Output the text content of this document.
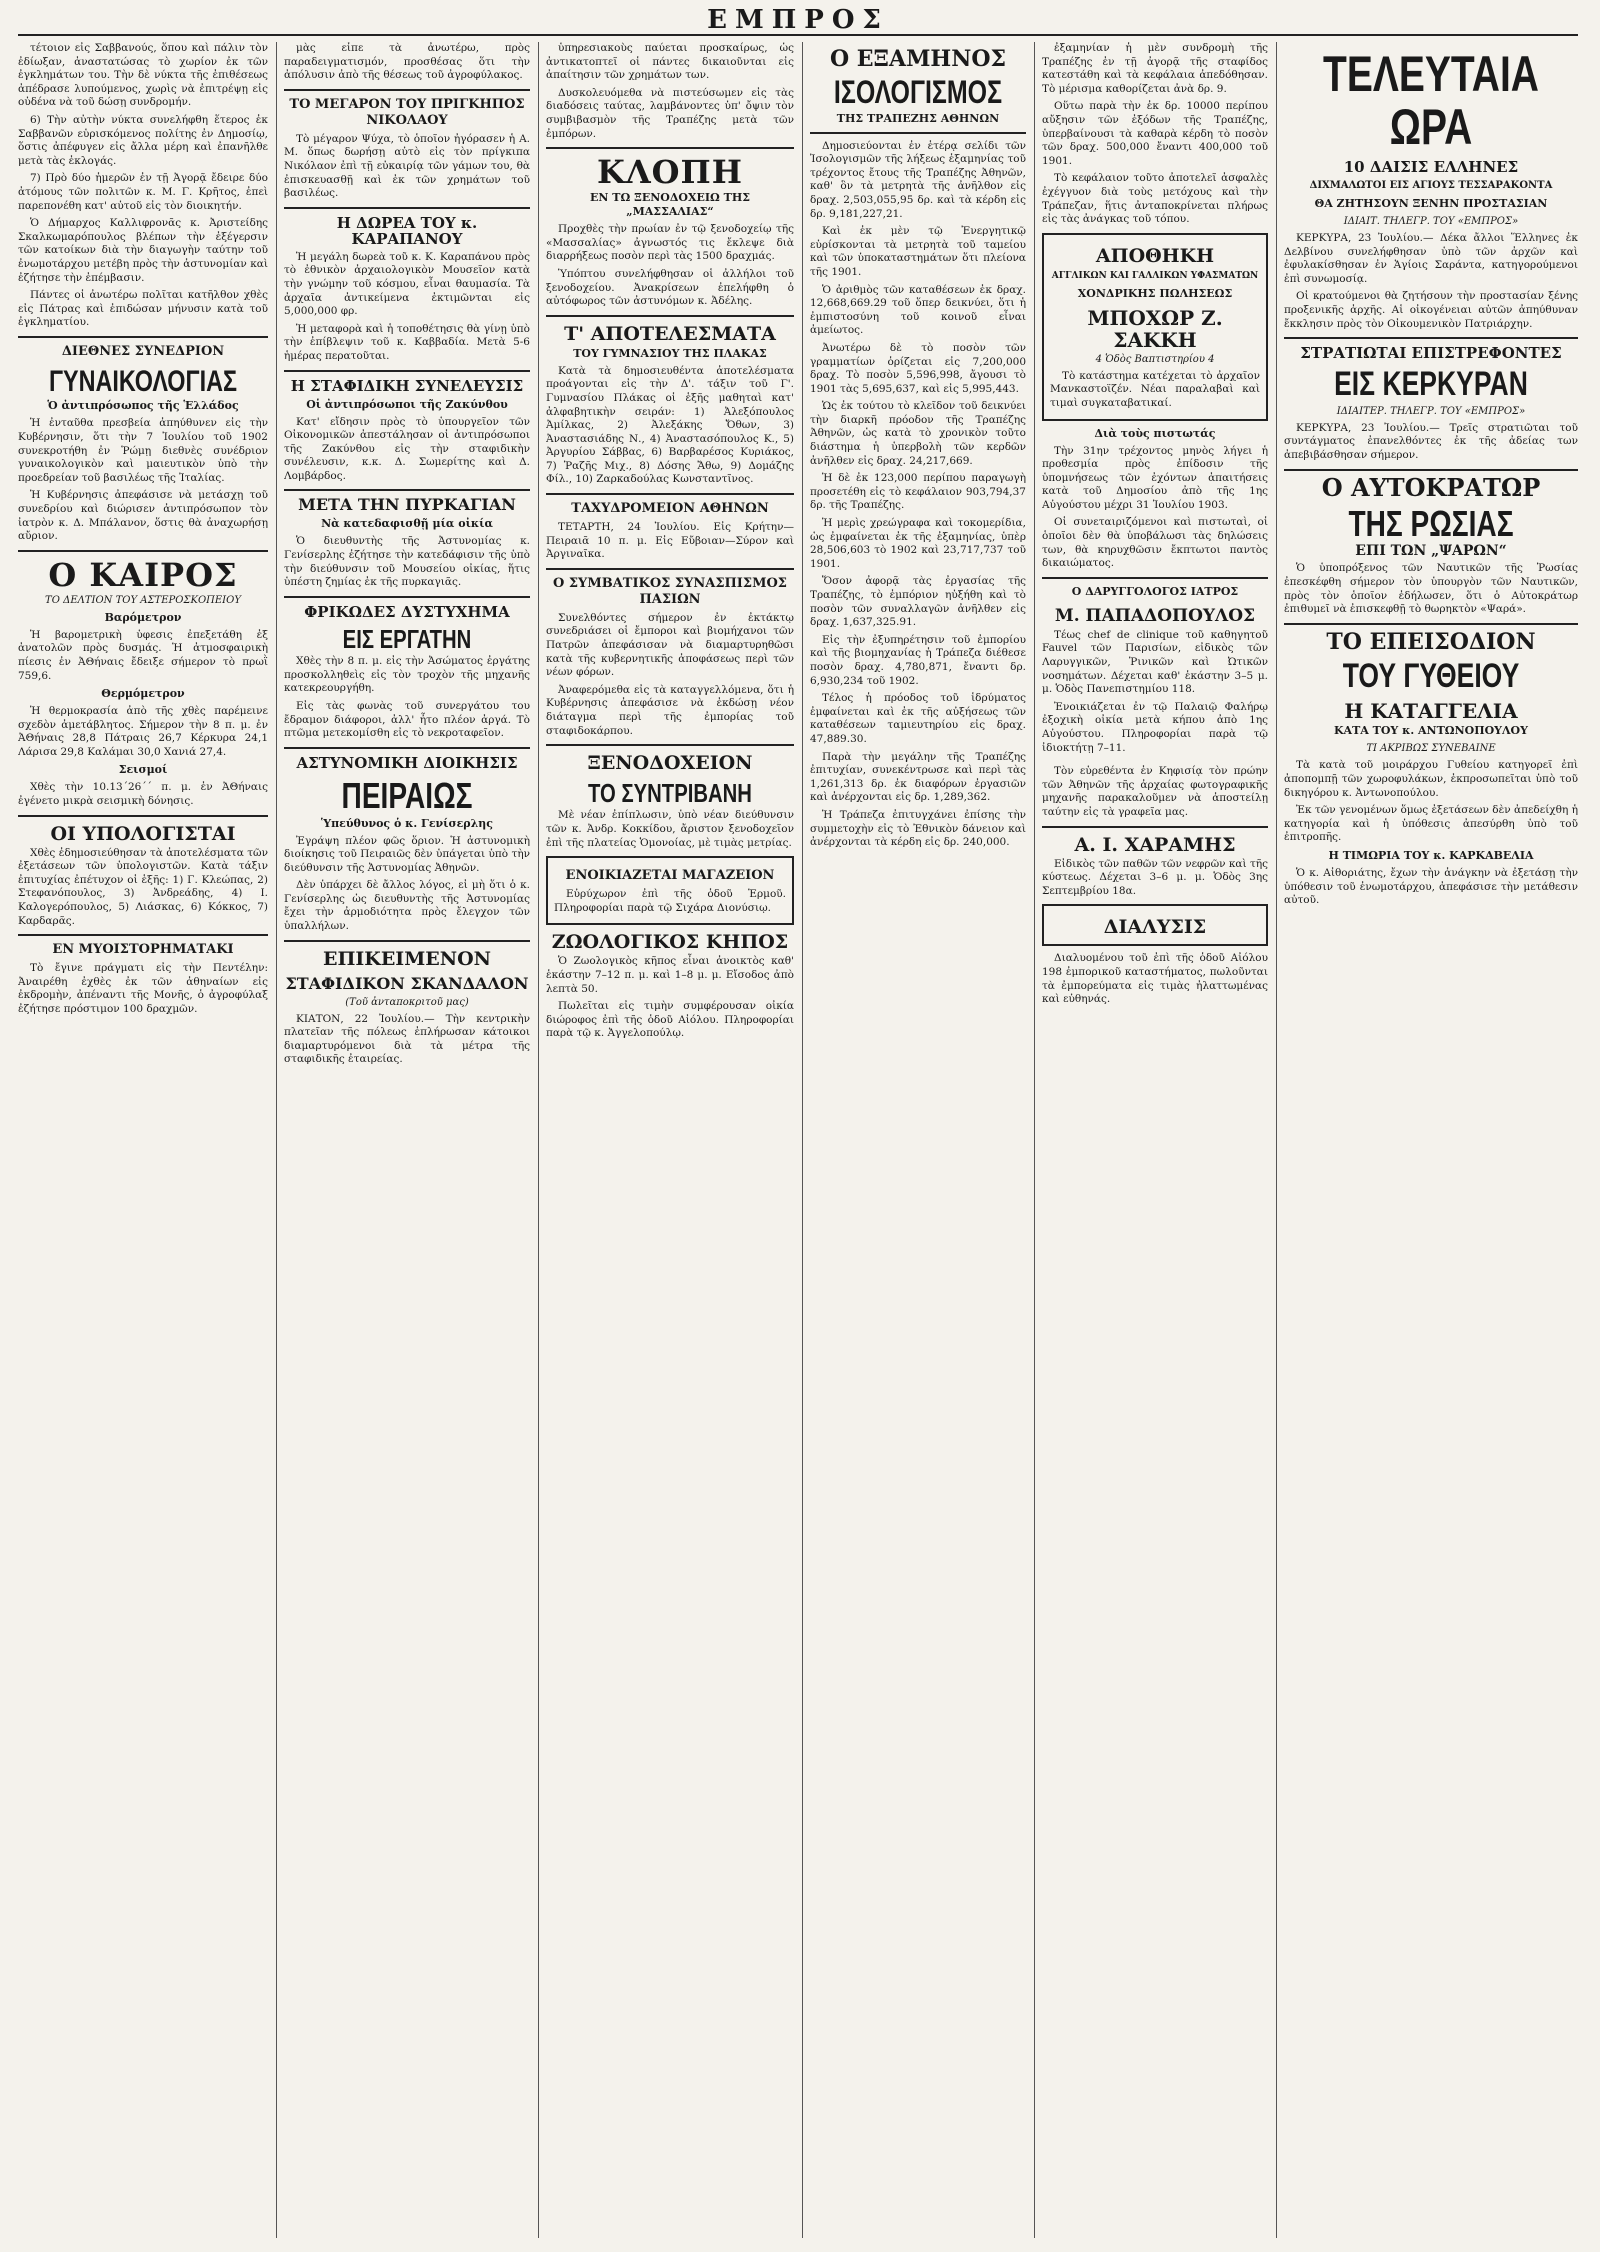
ΕΜΠΡΟΣ

τέτοιον εἰς Σαββανούς, ὅπου καὶ πάλιν τὸν ἐδίωξαν, ἀναστατώσας τὸ χωρίον ἐκ τῶν ἐγκλημάτων του. Τὴν δὲ νύκτα τῆς ἐπιθέσεως ἀπέδρασε λυπούμενος, χωρὶς νὰ ἐπιτρέψῃ εἰς οὐδένα νὰ τοῦ δώσῃ συνδρομήν.

6) Τὴν αὐτὴν νύκτα συνελήφθη ἕτερος ἐκ Σαββανῶν εὑρισκόμενος πολίτης ἐν Δημοσίῳ, ὅστις ἀπέφυγεν εἰς ἄλλα μέρη καὶ ἐπανῆλθε μετὰ τὰς ἐκλογάς.

7) Πρὸ δύο ἡμερῶν ἐν τῇ Ἀγορᾷ ἔδειρε δύο ἀτόμους τῶν πολιτῶν κ. Μ. Γ. Κρῆτος, ἐπεὶ παρεπονέθη κατ' αὐτοῦ εἰς τὸν διοικητήν.

Ὁ Δήμαρχος Καλλιφρονᾶς κ. Ἀριστείδης Σκαλκωμαρόπουλος βλέπων τὴν ἐξέγερσιν τῶν κατοίκων διὰ τὴν διαγωγὴν ταύτην τοῦ ἐνωμοτάρχου μετέβη πρὸς τὴν ἀστυνομίαν καὶ ἐζήτησε τὴν ἐπέμβασιν.

Πάντες οἱ ἀνωτέρω πολῖται κατῆλθον χθὲς εἰς Πάτρας καὶ ἐπιδώσαν μήνυσιν κατὰ τοῦ ἐγκληματίου.

ΔΙΕΘΝΕΣ ΣΥΝΕΔΡΙΟΝ
ΓΥΝΑΙΚΟΛΟΓΙΑΣ
Ὁ ἀντιπρόσωπος τῆς Ἑλλάδος

Ἡ ἐνταῦθα πρεσβεία ἀπηύθυνεν εἰς τὴν Κυβέρνησιν, ὅτι τὴν 7 Ἰουλίου τοῦ 1902 συνεκροτήθη ἐν Ῥώμῃ διεθνὲς συνέδριον γυναικολογικὸν καὶ μαιευτικὸν ὑπὸ τὴν προεδρείαν τοῦ βασιλέως τῆς Ἰταλίας.

Ἡ Κυβέρνησις ἀπεφάσισε νὰ μετάσχῃ τοῦ συνεδρίου καὶ διώρισεν ἀντιπρόσωπον τὸν ἰατρὸν κ. Δ. Μπάλανον, ὅστις θὰ ἀναχωρήσῃ αὔριον.

Ο ΚΑΙΡΟΣ
ΤΟ ΔΕΛΤΙΟΝ ΤΟΥ ΑΣΤΕΡΟΣΚΟΠΕΙΟΥ
Βαρόμετρον

Ἡ βαρομετρικὴ ὑφεσις ἐπεξετάθη ἐξ ἀνατολῶν πρὸς δυσμάς. Ἡ ἀτμοσφαιρικὴ πίεσις ἐν ἈΘήναις ἔδειξε σήμερον τὸ πρωῒ 759,6.

Θερμόμετρον

Ἡ θερμοκρασία ἀπὸ τῆς χθὲς παρέμεινε σχεδὸν ἀμετάβλητος. Σήμερον τὴν 8 π. μ. ἐν ἈΘήναις 28,8 Πάτραις 26,7 Κέρκυρα 24,1 Λάρισα 29,8 Καλάμαι 30,0 Χανιά 27,4.

Σεισμοί

Χθὲς τὴν 10.13΄26΄΄ π. μ. ἐν ἈΘήναις ἐγένετο μικρὰ σεισμικὴ δόνησις.

ΟΙ ΥΠΟΛΟΓΙΣΤΑΙ

Χθὲς ἐδημοσιεύθησαν τὰ ἀποτελέσματα τῶν ἐξετάσεων τῶν ὑπολογιστῶν. Κατὰ τάξιν ἐπιτυχίας ἐπέτυχον οἱ ἑξῆς: 1) Γ. Κλεώπας, 2) Στεφανόπουλος, 3) Ἀνδρεάδης, 4) Ι. Καλογερόπουλος, 5) Λιάσκας, 6) Κόκκος, 7) Καρδαρᾶς.

ΕΝ ΜΥΟΙΣΤΟΡΗΜΑΤΑΚΙ

Τὸ ἔγινε πράγματι εἰς τὴν Πεντέλην: Ἀναιρέθη ἐχθὲς ἐκ τῶν ἀθηναίων εἰς ἐκδρομὴν, ἀπέναντι τῆς Μονῆς, ὁ ἀγροφύλαξ ἐζήτησε πρόστιμον 100 δραχμῶν.

μὰς εἶπε τὰ ἀνωτέρω, πρὸς παραδειγματισμόν, προσθέσας ὅτι τὴν ἀπόλυσιν ἀπὸ τῆς θέσεως τοῦ ἀγροφύλακος.

ΤΟ ΜΕΓΑΡΟΝ ΤΟΥ ΠΡΙΓΚΗΠΟΣ ΝΙΚΟΛΑΟΥ

Τὸ μέγαρον Ψύχα, τὸ ὁποῖον ἠγόρασεν ἡ Α. Μ. ὅπως δωρήσῃ αὐτὸ εἰς τὸν πρίγκιπα Νικόλαον ἐπὶ τῇ εὐκαιρίᾳ τῶν γάμων του, θὰ ἐπισκευασθῇ καὶ ἐκ τῶν χρημάτων τοῦ βασιλέως.

Η ΔΩΡΕΑ ΤΟΥ κ. ΚΑΡΑΠΑΝΟΥ

Ἡ μεγάλη δωρεὰ τοῦ κ. Κ. Καραπάνου πρὸς τὸ ἐθνικὸν ἀρχαιολογικὸν Μουσεῖον κατὰ τὴν γνώμην τοῦ κόσμου, εἶναι θαυμασία. Τὰ ἀρχαῖα ἀντικείμενα ἐκτιμῶνται εἰς 5,000,000 φρ.

Ἡ μεταφορὰ καὶ ἡ τοποθέτησις θὰ γίνῃ ὑπὸ τὴν ἐπίβλεψιν τοῦ κ. Καββαδία. Μετὰ 5-6 ἡμέρας περατοῦται.

Η ΣΤΑΦΙΔΙΚΗ ΣΥΝΕΛΕΥΣΙΣ
Οἱ ἀντιπρόσωποι τῆς Ζακύνθου

Κατ' εἴδησιν πρὸς τὸ ὑπουργεῖον τῶν Οἰκονομικῶν ἀπεστάλησαν οἱ ἀντιπρόσωποι τῆς Ζακύνθου εἰς τὴν σταφιδικὴν συνέλευσιν, κ.κ. Δ. Σωμερίτης καὶ Δ. Λομβάρδος.

ΜΕΤΑ ΤΗΝ ΠΥΡΚΑΓΙΑΝ
Νὰ κατεδαφισθῇ μία οἰκία

Ὁ διευθυντὴς τῆς Ἀστυνομίας κ. Γενίσερλης ἐζήτησε τὴν κατεδάφισιν τῆς ὑπὸ τὴν διεύθυνσιν τοῦ Μουσείου οἰκίας, ἥτις ὑπέστη ζημίας ἐκ τῆς πυρκαγιᾶς.

ΦΡΙΚΩΔΕΣ ΔΥΣΤΥΧΗΜΑ
ΕΙΣ ΕΡΓΑΤΗΝ

Χθὲς τὴν 8 π. μ. εἰς τὴν Ἀσώματος ἐργάτης προσκολληθεὶς εἰς τὸν τροχὸν τῆς μηχανῆς κατεκρεουργήθη.

Εἰς τὰς φωνὰς τοῦ συνεργάτου του ἔδραμον διάφοροι, ἀλλ' ἦτο πλέον ἀργά. Τὸ πτῶμα μετεκομίσθη εἰς τὸ νεκροταφεῖον.

ΑΣΤΥΝΟΜΙΚΗ ΔΙΟΙΚΗΣΙΣ
ΠΕΙΡΑΙΩΣ
Ὑπεύθυνος ὁ κ. Γενίσερλης

Ἐγράψη πλέον φῶς ὅριον. Ἡ ἀστυνομικὴ διοίκησις τοῦ Πειραιῶς δὲν ὑπάγεται ὑπὸ τὴν διεύθυνσιν τῆς Ἀστυνομίας Ἀθηνῶν.

Δὲν ὑπάρχει δὲ ἄλλος λόγος, εἰ μὴ ὅτι ὁ κ. Γενίσερλης ὡς διευθυντὴς τῆς Ἀστυνομίας ἔχει τὴν ἀρμοδιότητα πρὸς ἔλεγχον τῶν ὑπαλλήλων.

ΕΠΙΚΕΙΜΕΝΟΝ
ΣΤΑΦΙΔΙΚΟΝ ΣΚΑΝΔΑΛΟΝ
(Τοῦ ἀνταποκριτοῦ μας)

ΚΙΑΤΟΝ, 22 Ἰουλίου.— Τὴν κεντρικὴν πλατεῖαν τῆς πόλεως ἐπλήρωσαν κάτοικοι διαμαρτυρόμενοι διὰ τὰ μέτρα τῆς σταφιδικῆς ἐταιρείας.

ὑπηρεσιακοὺς παύεται προσκαίρως, ὡς ἀντικατοπτεῖ οἱ πάντες δικαιοῦνται εἰς ἀπαίτησιν τῶν χρημάτων των.

Δυσκολευόμεθα νὰ πιστεύσωμεν εἰς τὰς διαδόσεις ταύτας, λαμβάνοντες ὑπ' ὄψιν τὸν συμβιβασμὸν τῆς Τραπέζης μετὰ τῶν ἐμπόρων.

ΚΛΟΠΗ
ΕΝ ΤΩ ΞΕΝΟΔΟΧΕΙΩ ΤΗΣ „ΜΑΣΣΑΛΙΑΣ“

Προχθὲς τὴν πρωίαν ἐν τῷ ξενοδοχείῳ τῆς «Μασσαλίας» ἀγνωστός τις ἔκλεψε διὰ διαρρήξεως ποσὸν περὶ τὰς 1500 δραχμάς.

Ὑπόπτου συνελήφθησαν οἱ ἀλλήλοι τοῦ ξενοδοχείου. Ἀνακρίσεων ἐπελήφθη ὁ αὐτόφωρος τῶν ἀστυνόμων κ. Ἀδέλης.

Τ' ΑΠΟΤΕΛΕΣΜΑΤΑ
ΤΟΥ ΓΥΜΝΑΣΙΟΥ ΤΗΣ ΠΛΑΚΑΣ

Κατὰ τὰ δημοσιευθέντα ἀποτελέσματα προάγονται εἰς τὴν Δ'. τάξιν τοῦ Γ'. Γυμνασίου Πλάκας οἱ ἑξῆς μαθηταὶ κατ' ἀλφαβητικὴν σειράν: 1) Ἀλεξόπουλος Ἀμίλκας, 2) Ἀλεξάκης Ὄθων, 3) Ἀναστασιάδης Ν., 4) Ἀναστασόπουλος Κ., 5) Ἀργυρίου Σάββας, 6) Βαρβαρέσος Κυριάκος, 7) Ῥαζῆς Μιχ., 8) Δόσης Ἄθω, 9) Δομάζης Φίλ., 10) Ζαρκαδούλας Κωνσταντῖνος.

ΤΑΧΥΔΡΟΜΕΙΟΝ ΑΘΗΝΩΝ

ΤΕΤΑΡΤΗ, 24 Ἰουλίου. Εἰς Κρήτην—Πειραιᾶ 10 π. μ. Εἰς Εὔβοιαν—Σύρον καὶ Ἀργιναῖκα.

Ο ΣΥΜΒΑΤΙΚΟΣ ΣΥΝΑΣΠΙΣΜΟΣ ΠΑΣΙΩΝ

Συνελθόντες σήμερον ἐν ἐκτάκτῳ συνεδριάσει οἱ ἔμποροι καὶ βιομήχανοι τῶν Πατρῶν ἀπεφάσισαν νὰ διαμαρτυρηθῶσι κατὰ τῆς κυβερνητικῆς ἀποφάσεως περὶ τῶν νέων φόρων.

Ἀναφερόμεθα εἰς τὰ καταγγελλόμενα, ὅτι ἡ Κυβέρνησις ἀπεφάσισε νὰ ἐκδώσῃ νέον διάταγμα περὶ τῆς ἐμπορίας τοῦ σταφιδοκάρπου.

ΞΕΝΟΔΟΧΕΙΟΝ
ΤΟ ΣΥΝΤΡΙΒΑΝΗ

Μὲ νέαν ἐπίπλωσιν, ὑπὸ νέαν διεύθυνσιν τῶν κ. Ἀνδρ. Κοκκίδου, ἄριστον ξενοδοχεῖον ἐπὶ τῆς πλατείας Ὁμονοίας, μὲ τιμὰς μετρίας.

ΕΝΟΙΚΙΑΖΕΤΑΙ ΜΑΓΑΖΕΙΟΝ

Εὐρύχωρον ἐπὶ τῆς ὁδοῦ Ἑρμοῦ. Πληροφορίαι παρὰ τῷ Σιχάρα Διονύσιῳ.

ΖΩΟΛΟΓΙΚΟΣ ΚΗΠΟΣ

Ὁ Ζωολογικὸς κῆπος εἶναι ἀνοικτὸς καθ' ἑκάστην 7–12 π. μ. καὶ 1–8 μ. μ. Εἴσοδος ἀπὸ λεπτὰ 50.

Πωλεῖται εἰς τιμὴν συμφέρουσαν οἰκία διώροφος ἐπὶ τῆς ὁδοῦ Αἰόλου. Πληροφορίαι παρὰ τῷ κ. Ἀγγελοπούλῳ.

Ο ΕΞΑΜΗΝΟΣ
ΙΣΟΛΟΓΙΣΜΟΣ
ΤΗΣ ΤΡΑΠΕΖΗΣ ΑΘΗΝΩΝ

Δημοσιεύονται ἐν ἑτέρᾳ σελίδι τῶν Ἰσολογισμῶν τῆς λήξεως ἑξαμηνίας τοῦ τρέχοντος ἔτους τῆς Τραπέζης Ἀθηνῶν, καθ' ὃν τὰ μετρητὰ τῆς ἀνῆλθον εἰς δραχ. 2,503,055,95 δρ. καὶ τὰ κέρδη εἰς δρ. 9,181,227,21.

Καὶ ἐκ μὲν τῷ Ἐνεργητικῷ εὑρίσκονται τὰ μετρητὰ τοῦ ταμείου καὶ τῶν ὑποκαταστημάτων ὅτι πλείονα τῆς 1901.

Ὁ ἀριθμὸς τῶν καταθέσεων ἐκ δραχ. 12,668,669.29 τοῦ ὅπερ δεικνύει, ὅτι ἡ ἐμπιστοσύνη τοῦ κοινοῦ εἶναι ἀμείωτος.

Ἀνωτέρω δὲ τὸ ποσὸν τῶν γραμματίων ὁρίζεται εἰς 7,200,000 δραχ. Τὸ ποσὸν 5,596,998, ἄγουσι τὸ 1901 τὰς 5,695,637, καὶ εἰς 5,995,443.

Ὡς ἐκ τούτου τὸ κλεῖδον τοῦ δεικνύει τὴν διαρκῆ πρόοδον τῆς Τραπέζης Ἀθηνῶν, ὡς κατὰ τὸ χρονικὸν τοῦτο διάστημα ἡ ὑπερβολὴ τῶν κερδῶν ἀνῆλθεν εἰς δραχ. 24,217,669.

Ἡ δὲ ἐκ 123,000 περίπου παραγωγὴ προσετέθη εἰς τὸ κεφάλαιον 903,794,37 δρ. τῆς Τραπέζης.

Ἡ μερὶς χρεώγραφα καὶ τοκομερίδια, ὡς ἐμφαίνεται ἐκ τῆς ἐξαμηνίας, ὑπὲρ 28,506,603 τὸ 1902 καὶ 23,717,737 τοῦ 1901.

Ὅσον ἀφορᾷ τὰς ἐργασίας τῆς Τραπέζης, τὸ ἐμπόριον ηὐξήθη καὶ τὸ ποσὸν τῶν συναλλαγῶν ἀνῆλθεν εἰς δραχ. 1,637,325.91.

Εἰς τὴν ἐξυπηρέτησιν τοῦ ἐμπορίου καὶ τῆς βιομηχανίας ἡ Τράπεζα διέθεσε ποσὸν δραχ. 4,780,871, ἔναντι δρ. 6,930,234 τοῦ 1902.

Τέλος ἡ πρόοδος τοῦ ἱδρύματος ἐμφαίνεται καὶ ἐκ τῆς αὐξήσεως τῶν καταθέσεων ταμιευτηρίου εἰς δραχ. 47,889.30.

Παρὰ τὴν μεγάλην τῆς Τραπέζης ἐπιτυχίαν, συνεκέντρωσε καὶ περὶ τὰς 1,261,313 δρ. ἐκ διαφόρων ἐργασιῶν καὶ ἀνέρχονται εἰς δρ. 1,289,362.

Ἡ Τράπεζα ἐπιτυγχάνει ἐπίσης τὴν συμμετοχὴν εἰς τὸ Ἐθνικὸν δάνειον καὶ ἀνέρχονται τὰ κέρδη εἰς δρ. 240,000.

ἐξαμηνίαν ἡ μὲν συνδρομὴ τῆς Τραπέζης ἐν τῇ ἀγορᾷ τῆς σταφίδος κατεστάθη καὶ τὰ κεφάλαια ἀπεδόθησαν. Τὸ μέρισμα καθορίζεται ἀνὰ δρ. 9.

Οὕτω παρὰ τὴν ἐκ δρ. 10000 περίπου αὔξησιν τῶν ἐξόδων τῆς Τραπέζης, ὑπερβαίνουσι τὰ καθαρὰ κέρδη τὸ ποσὸν τῶν δραχ. 500,000 ἔναντι 400,000 τοῦ 1901.

Τὸ κεφάλαιον τοῦτο ἀποτελεῖ ἀσφαλὲς ἐχέγγυον διὰ τοὺς μετόχους καὶ τὴν Τράπεζαν, ἥτις ἀνταποκρίνεται πλήρως εἰς τὰς ἀνάγκας τοῦ τόπου.

ΑΠΟΘΗΚΗ
ΑΓΓΛΙΚΩΝ ΚΑΙ ΓΑΛΛΙΚΩΝ ΥΦΑΣΜΑΤΩΝ
ΧΟΝΔΡΙΚΗΣ ΠΩΛΗΣΕΩΣ
ΜΠΟΧΩΡ Ζ. ΣΑΚΚΗ
4 Ὁδὸς Βαπτιστηρίου 4

Τὸ κατάστημα κατέχεται τὸ ἀρχαῖον Μανκαστοϊζέν. Νέαι παραλαβαὶ καὶ τιμαὶ συγκαταβατικαί.

Διὰ τοὺς πιστωτάς

Τὴν 31ην τρέχοντος μηνὸς λήγει ἡ προθεσμία πρὸς ἐπίδοσιν τῆς ὑπομνήσεως τῶν ἐχόντων ἀπαιτήσεις κατὰ τοῦ Δημοσίου ἀπὸ τῆς 1ης Αὐγούστου μέχρι 31 Ἰουλίου 1903.

Οἱ συνεταιριζόμενοι καὶ πιστωταὶ, οἱ ὁποῖοι δὲν θὰ ὑποβάλωσι τὰς δηλώσεις των, θὰ κηρυχθῶσιν ἔκπτωτοι παντὸς δικαιώματος.

Ο ΔΑΡΥΓΓΟΛΟΓΟΣ ΙΑΤΡΟΣ
Μ. ΠΑΠΑΔΟΠΟΥΛΟΣ

Τέως chef de clinique τοῦ καθηγητοῦ Fauvel τῶν Παρισίων, εἰδικὸς τῶν Λαρυγγικῶν, Ῥινικῶν καὶ Ὠτικῶν νοσημάτων. Δέχεται καθ' ἑκάστην 3–5 μ. μ. Ὁδὸς Πανεπιστημίου 118.

Ἐνοικιάζεται ἐν τῷ Παλαιῷ Φαλήρῳ ἐξοχικὴ οἰκία μετὰ κήπου ἀπὸ 1ης Αὐγούστου. Πληροφορίαι παρὰ τῷ ἰδιοκτήτῃ 7–11.

Τὸν εὑρεθέντα ἐν Κηφισίᾳ τὸν πρώην τῶν Ἀθηνῶν τῆς ἀρχαίας φωτογραφικῆς μηχανῆς παρακαλοῦμεν νὰ ἀποστείλῃ ταύτην εἰς τὰ γραφεῖα μας.

Α. Ι. ΧΑΡΑΜΗΣ

Εἰδικὸς τῶν παθῶν τῶν νεφρῶν καὶ τῆς κύστεως. Δέχεται 3–6 μ. μ. Ὁδὸς 3ης Σεπτεμβρίου 18α.

ΔΙΑΛΥΣΙΣ

Διαλυομένου τοῦ ἐπὶ τῆς ὁδοῦ Αἰόλου 198 ἐμπορικοῦ καταστήματος, πωλοῦνται τὰ ἐμπορεύματα εἰς τιμὰς ἠλαττωμένας καὶ εὐθηνάς.

ΤΕΛΕΥΤΑΙΑ ΩΡΑ
10 ΔΑΙΣΙΣ ΕΛΛΗΝΕΣ
ΔΙΧΜΑΛΩΤΟΙ ΕΙΣ ΑΓΙΟΥΣ ΤΕΣΣΑΡΑΚΟΝΤΑ
ΘΑ ΖΗΤΗΣΟΥΝ ΞΕΝΗΝ ΠΡΟΣΤΑΣΙΑΝ
ΙΔΙΑΙΤ. ΤΗΛΕΓΡ. ΤΟΥ «ΕΜΠΡΟΣ»

ΚΕΡΚΥΡΑ, 23 Ἰουλίου.— Δέκα ἄλλοι Ἕλληνες ἐκ Δελβίνου συνελήφθησαν ὑπὸ τῶν ἀρχῶν καὶ ἐφυλακίσθησαν ἐν Ἁγίοις Σαράντα, κατηγορούμενοι ἐπὶ συνωμοσίᾳ.

Οἱ κρατούμενοι θὰ ζητήσουν τὴν προστασίαν ξένης προξενικῆς ἀρχῆς. Αἱ οἰκογένειαι αὐτῶν ἀπηύθυναν ἔκκλησιν πρὸς τὸν Οἰκουμενικὸν Πατριάρχην.

ΣΤΡΑΤΙΩΤΑΙ ΕΠΙΣΤΡΕΦΟΝΤΕΣ
ΕΙΣ ΚΕΡΚΥΡΑΝ
ΙΔΙΑΙΤΕΡ. ΤΗΛΕΓΡ. ΤΟΥ «ΕΜΠΡΟΣ»

ΚΕΡΚΥΡΑ, 23 Ἰουλίου.— Τρεῖς στρατιῶται τοῦ συντάγματος ἐπανελθόντες ἐκ τῆς ἀδείας των ἀπεβιβάσθησαν σήμερον.

Ο ΑΥΤΟΚΡΑΤΩΡ
ΤΗΣ ΡΩΣΙΑΣ
ΕΠΙ ΤΩΝ „ΨΑΡΩΝ“

Ὁ ὑποπρόξενος τῶν Ναυτικῶν τῆς Ῥωσίας ἐπεσκέφθη σήμερον τὸν ὑπουργὸν τῶν Ναυτικῶν, πρὸς τὸν ὁποῖον ἐδήλωσεν, ὅτι ὁ Αὐτοκράτωρ ἐπιθυμεῖ νὰ ἐπισκεφθῇ τὸ θωρηκτὸν «Ψαρά».

ΤΟ ΕΠΕΙΣΟΔΙΟΝ
ΤΟΥ ΓΥΘΕΙΟΥ
Η ΚΑΤΑΓΓΕΛΙΑ
ΚΑΤΑ ΤΟΥ κ. ΑΝΤΩΝΟΠΟΥΛΟΥ
ΤΙ ΑΚΡΙΒΩΣ ΣΥΝΕΒΑΙΝΕ

Τὰ κατὰ τοῦ μοιράρχου Γυθείου κατηγορεῖ ἐπὶ ἀποπομπῇ τῶν χωροφυλάκων, ἐκπροσωπεῖται ὑπὸ τοῦ δικηγόρου κ. Ἀντωνοπούλου.

Ἐκ τῶν γενομένων ὅμως ἐξετάσεων δὲν ἀπεδείχθη ἡ κατηγορία καὶ ἡ ὑπόθεσις ἀπεσύρθη ὑπὸ τοῦ ἐπιτροπῆς.

Η ΤΙΜΩΡΙΑ ΤΟΥ κ. ΚΑΡΚΑΒΕΛΙΑ

Ὁ κ. Αἰθοριάτης, ἔχων τὴν ἀνάγκην νὰ ἐξετάσῃ τὴν ὑπόθεσιν τοῦ ἐνωμοτάρχου, ἀπεφάσισε τὴν μετάθεσιν αὐτοῦ.
